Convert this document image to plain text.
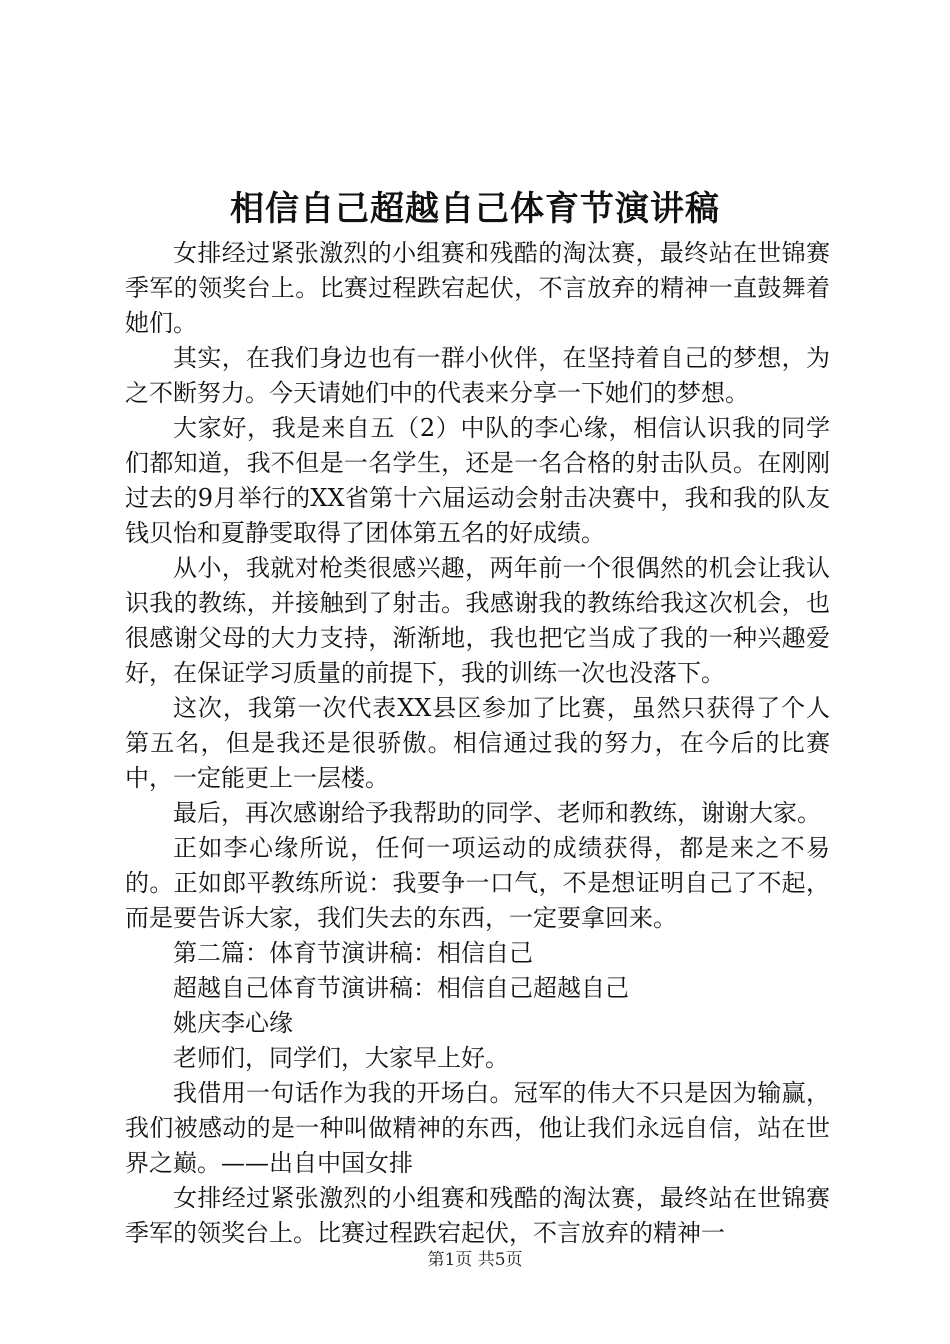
相信自己超越自己体育节演讲稿

女排经过紧张激烈的小组赛和残酷的淘汰赛，最终站在世锦赛季军的领奖台上。比赛过程跌宕起伏，不言放弃的精神一直鼓舞着她们。

其实，在我们身边也有一群小伙伴，在坚持着自己的梦想，为之不断努力。今天请她们中的代表来分享一下她们的梦想。

大家好，我是来自五（2）中队的李心缘，相信认识我的同学们都知道，我不但是一名学生，还是一名合格的射击队员。在刚刚过去的9月举行的XX省第十六届运动会射击决赛中，我和我的队友钱贝怡和夏静雯取得了团体第五名的好成绩。

从小，我就对枪类很感兴趣，两年前一个很偶然的机会让我认识我的教练，并接触到了射击。我感谢我的教练给我这次机会，也很感谢父母的大力支持，渐渐地，我也把它当成了我的一种兴趣爱好，在保证学习质量的前提下，我的训练一次也没落下。

这次，我第一次代表XX县区参加了比赛，虽然只获得了个人第五名，但是我还是很骄傲。相信通过我的努力，在今后的比赛中，一定能更上一层楼。

最后，再次感谢给予我帮助的同学、老师和教练，谢谢大家。

正如李心缘所说，任何一项运动的成绩获得，都是来之不易的。正如郎平教练所说：我要争一口气，不是想证明自己了不起，而是要告诉大家，我们失去的东西，一定要拿回来。

第二篇：体育节演讲稿：相信自己

超越自己体育节演讲稿：相信自己超越自己

姚庆李心缘

老师们，同学们，大家早上好。

我借用一句话作为我的开场白。冠军的伟大不只是因为输赢，我们被感动的是一种叫做精神的东西，他让我们永远自信，站在世界之巅。——出自中国女排

女排经过紧张激烈的小组赛和残酷的淘汰赛，最终站在世锦赛季军的领奖台上。比赛过程跌宕起伏，不言放弃的精神一

第1页 共5页
